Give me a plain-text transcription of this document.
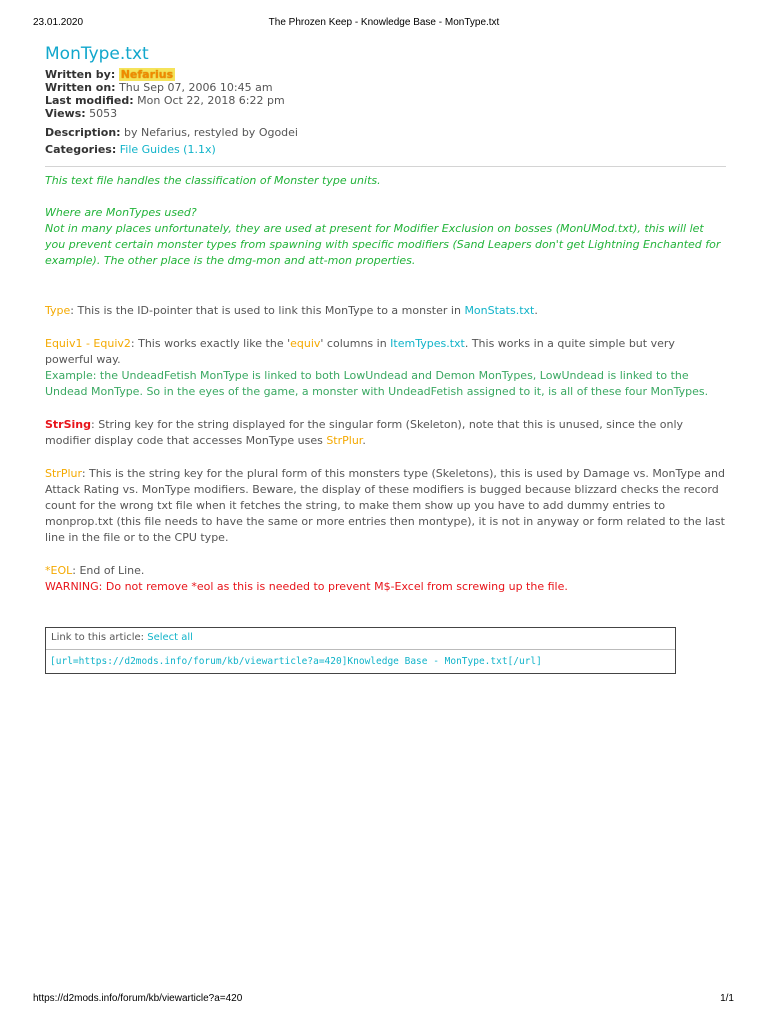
23.01.2020	The Phrozen Keep - Knowledge Base - MonType.txt
MonType.txt
Written by: Nefarius
Written on: Thu Sep 07, 2006 10:45 am
Last modified: Mon Oct 22, 2018 6:22 pm
Views: 5053
Description: by Nefarius, restyled by Ogodei
Categories: File Guides (1.1x)

This text file handles the classification of Monster type units.

Where are MonTypes used?

Not in many places unfortunately, they are used at present for Modifier Exclusion on bosses (MonUMod.txt), this will let you prevent certain monster types from spawning with specific modifiers (Sand Leapers don't get Lightning Enchanted for example). The other place is the dmg-mon and att-mon properties.

Type: This is the ID-pointer that is used to link this MonType to a monster in MonStats.txt.

Equiv1 - Equiv2: This works exactly like the 'equiv' columns in ItemTypes.txt. This works in a quite simple but very powerful way.

Example: the UndeadFetish MonType is linked to both LowUndead and Demon MonTypes, LowUndead is linked to the Undead MonType. So in the eyes of the game, a monster with UndeadFetish assigned to it, is all of these four MonTypes.

StrSing: String key for the string displayed for the singular form (Skeleton), note that this is unused, since the only modifier display code that accesses MonType uses StrPlur.

StrPlur: This is the string key for the plural form of this monsters type (Skeletons), this is used by Damage vs. MonType and Attack Rating vs. MonType modifiers. Beware, the display of these modifiers is bugged because blizzard checks the record count for the wrong txt file when it fetches the string, to make them show up you have to add dummy entries to monprop.txt (this file needs to have the same or more entries then montype), it is not in anyway or form related to the last line in the file or to the CPU type.

*EOL: End of Line.

WARNING: Do not remove *eol as this is needed to prevent M$-Excel from screwing up the file.

Link to this article: Select all
[url=https://d2mods.info/forum/kb/viewarticle?a=420]Knowledge Base - MonType.txt[/url]
https://d2mods.info/forum/kb/viewarticle?a=420	1/1
